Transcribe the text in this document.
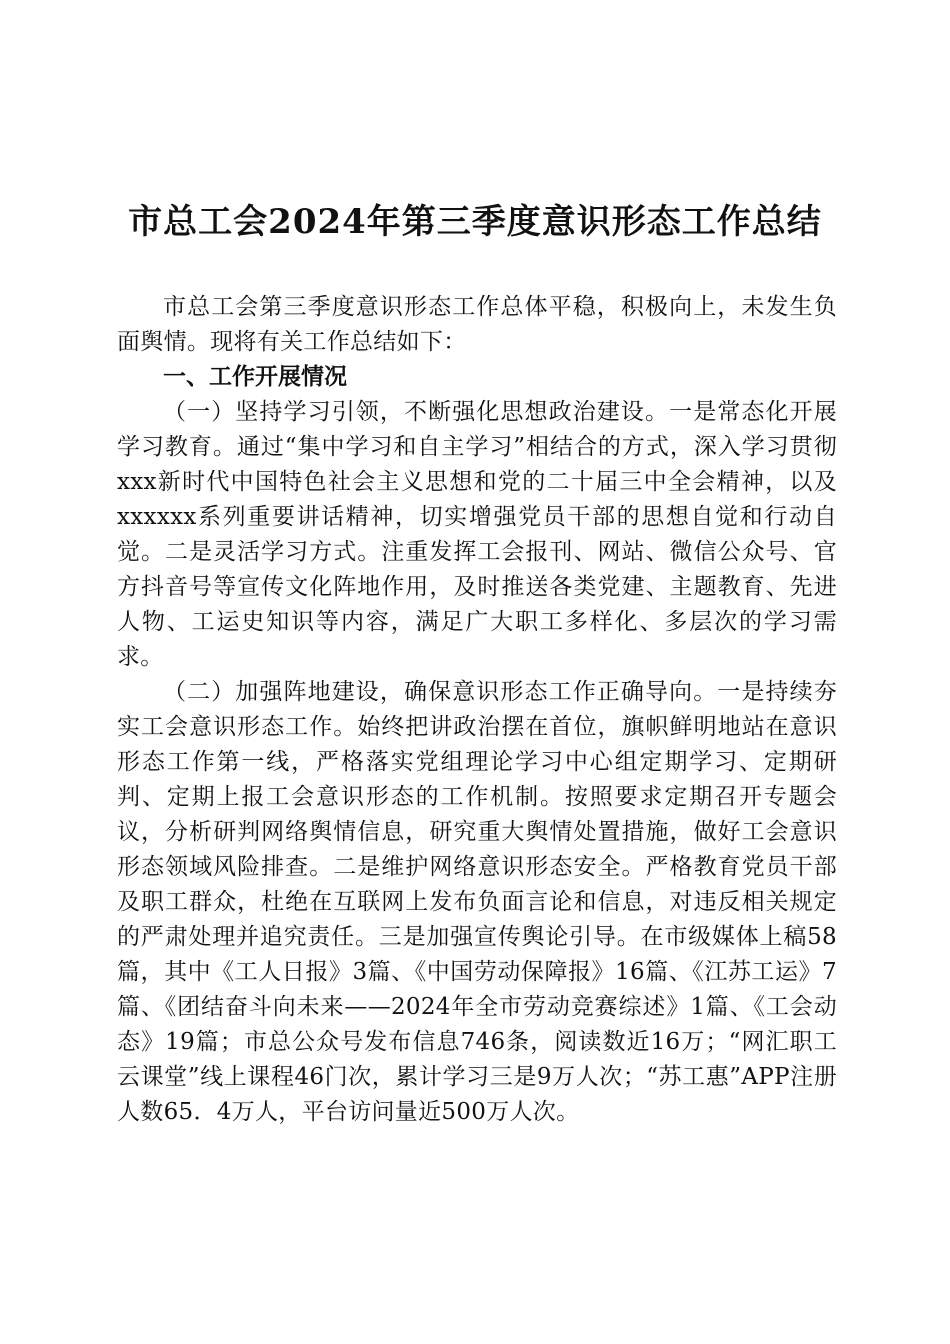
市总工会2024年第三季度意识形态工作总结

市总工会第三季度意识形态工作总体平稳，积极向上，未发生负面舆情。现将有关工作总结如下：

一、工作开展情况

（一）坚持学习引领，不断强化思想政治建设。一是常态化开展学习教育。通过“集中学习和自主学习”相结合的方式，深入学习贯彻xxx新时代中国特色社会主义思想和党的二十届三中全会精神，以及xxxxxx系列重要讲话精神，切实增强党员干部的思想自觉和行动自觉。二是灵活学习方式。注重发挥工会报刊、网站、微信公众号、官方抖音号等宣传文化阵地作用，及时推送各类党建、主题教育、先进人物、工运史知识等内容，满足广大职工多样化、多层次的学习需求。

（二）加强阵地建设，确保意识形态工作正确导向。一是持续夯实工会意识形态工作。始终把讲政治摆在首位，旗帜鲜明地站在意识形态工作第一线，严格落实党组理论学习中心组定期学习、定期研判、定期上报工会意识形态的工作机制。按照要求定期召开专题会议，分析研判网络舆情信息，研究重大舆情处置措施，做好工会意识形态领域风险排查。二是维护网络意识形态安全。严格教育党员干部及职工群众，杜绝在互联网上发布负面言论和信息，对违反相关规定的严肃处理并追究责任。三是加强宣传舆论引导。在市级媒体上稿58篇，其中《工人日报》3篇、《中国劳动保障报》16篇、《江苏工运》7篇、《团结奋斗向未来——2024年全市劳动竞赛综述》1篇、《工会动态》19篇；市总公众号发布信息746条，阅读数近16万；“网汇职工云课堂”线上课程46门次，累计学习三是9万人次；“苏工惠”APP注册人数65．4万人，平台访问量近500万人次。
